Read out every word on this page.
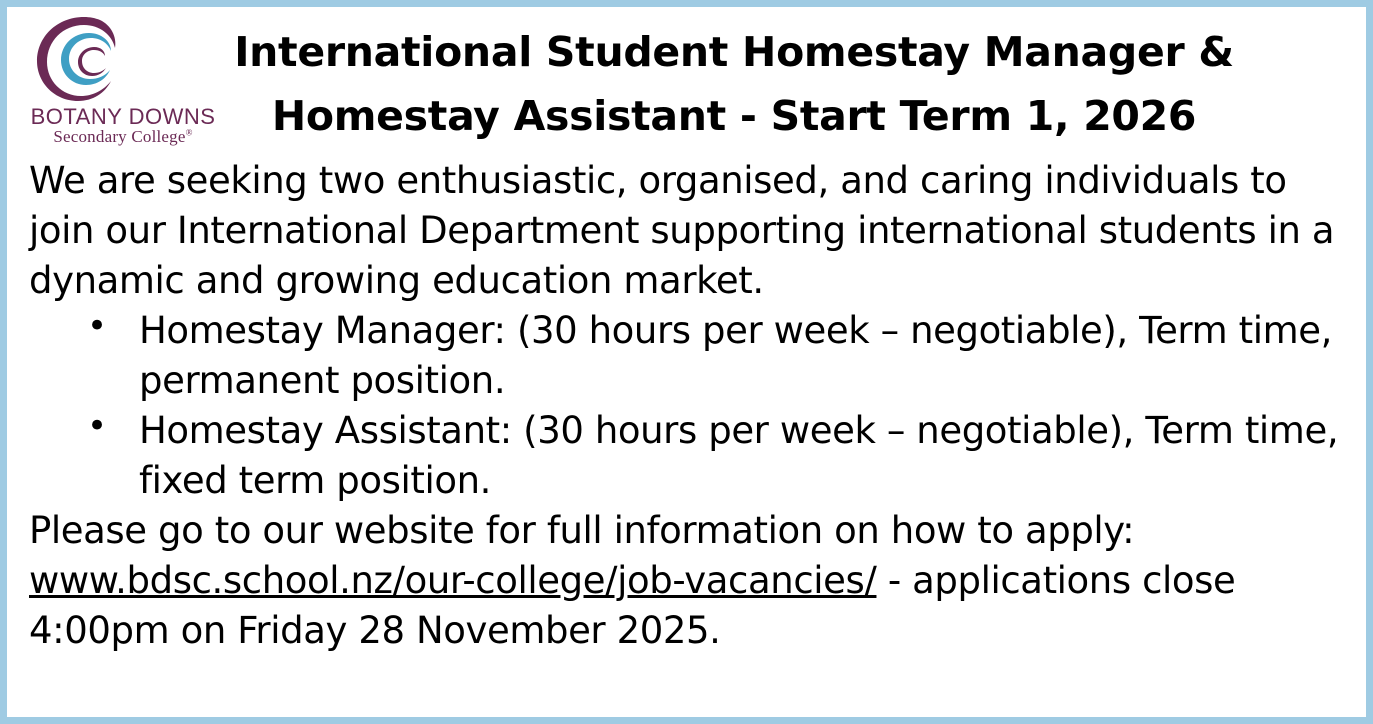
BOTANY DOWNS
Secondary College®
International Student Homestay Manager &
Homestay Assistant - Start Term 1, 2026

We are seeking two enthusiastic, organised, and caring individuals to join our International Department supporting international students in a dynamic and growing education market.

• Homestay Manager: (30 hours per week – negotiable), Term time, permanent position.
• Homestay Assistant: (30 hours per week – negotiable), Term time, fixed term position.

Please go to our website for full information on how to apply: www.bdsc.school.nz/our-college/job-vacancies/ - applications close 4:00pm on Friday 28 November 2025.
